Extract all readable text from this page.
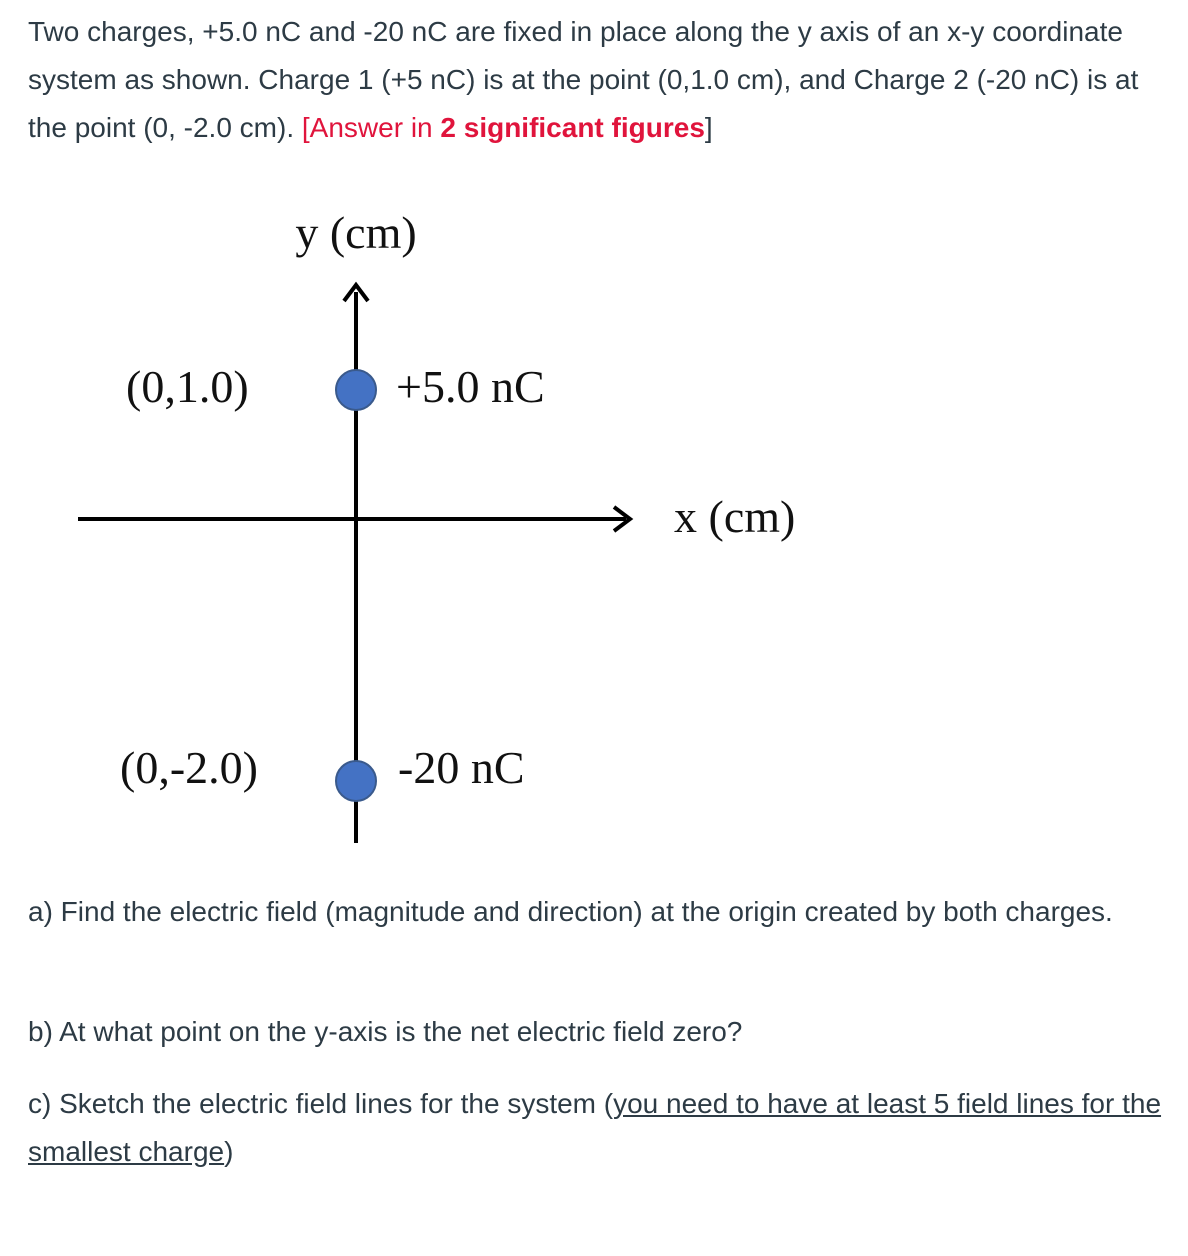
Two charges, +5.0 nC and -20 nC are fixed in place along the y axis of an x-y coordinate system as shown. Charge 1 (+5 nC) is at the point (0,1.0 cm), and Charge 2 (-20 nC) is at the point (0, -2.0 cm). [Answer in 2 significant figures]

y (cm)
x (cm)
(0,1.0)	+5.0 nC
(0,-2.0)	-20 nC

a) Find the electric field (magnitude and direction) at the origin created by both charges.

b) At what point on the y-axis is the net electric field zero?

c) Sketch the electric field lines for the system (you need to have at least 5 field lines for the smallest charge)
